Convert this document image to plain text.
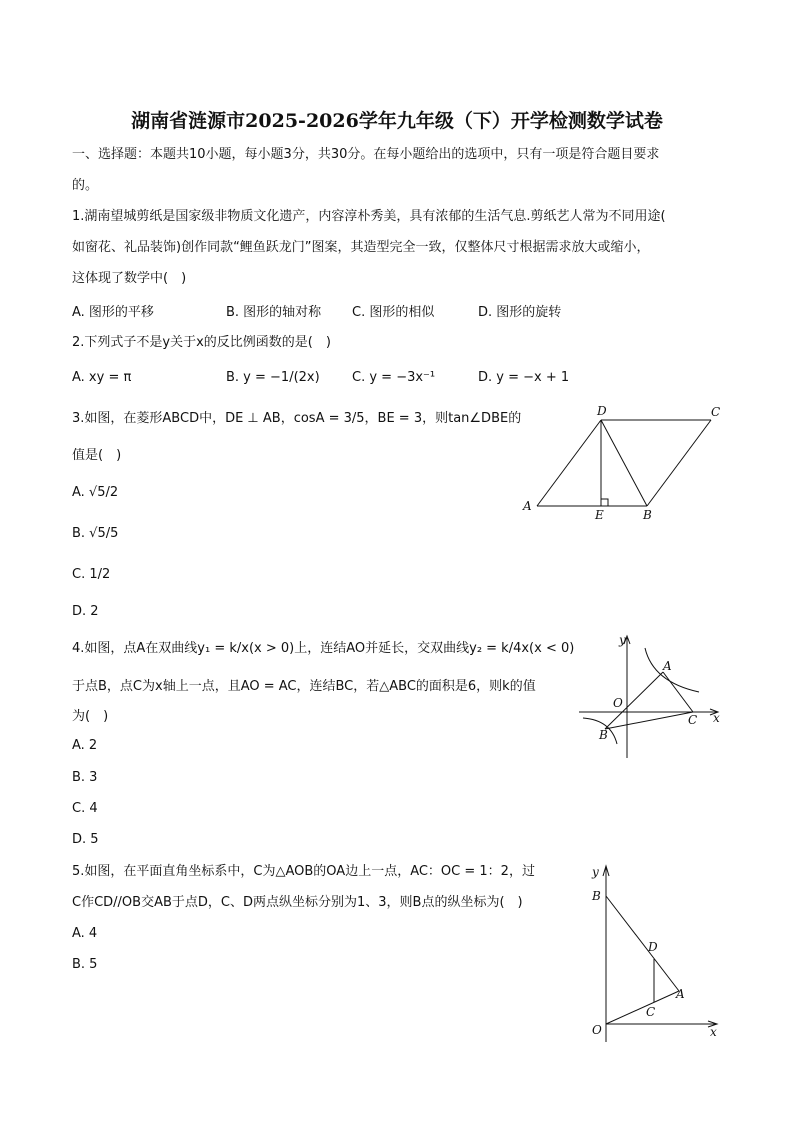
湖南省涟源市2025-2026学年九年级（下）开学检测数学试卷
一、选择题：本题共10小题，每小题3分，共30分。在每小题给出的选项中，只有一项是符合题目要求
的。
1.湖南望城剪纸是国家级非物质文化遗产，内容淳朴秀美，具有浓郁的生活气息.剪纸艺人常为不同用途(
如窗花、礼品装饰)创作同款“鲤鱼跃龙门”图案，其造型完全一致，仅整体尺寸根据需求放大或缩小，
这体现了数学中(　)
A. 图形的平移	B. 图形的轴对称 C. 图形的相似	D. 图形的旋转
2.下列式子不是y关于x的反比例函数的是(　)
A. xy = π	B. y = −1/(2x) C. y = −3x⁻¹	D. y = −x + 1
3.如图，在菱形ABCD中，DE ⊥ AB，cosA = 3/5，BE = 3，则tan∠DBE的
值是(　)
A. √5/2
B. √5/5
C. 1/2
D. 2
A
B
C
D
E
4.如图，点A在双曲线y₁ = k/x(x > 0)上，连结AO并延长，交双曲线y₂ = k/4x(x < 0)
于点B，点C为x轴上一点，且AO = AC，连结BC，若△ABC的面积是6，则k的值
为(　)
A. 2
B. 3
C. 4
D. 5
y
x
O
A
B
C
5.如图，在平面直角坐标系中，C为△AOB的OA边上一点，AC：OC = 1：2，过
C作CD//OB交AB于点D，C、D两点纵坐标分别为1、3，则B点的纵坐标为(　)
A. 4
B. 5
y
x
O
B
D
A
C
